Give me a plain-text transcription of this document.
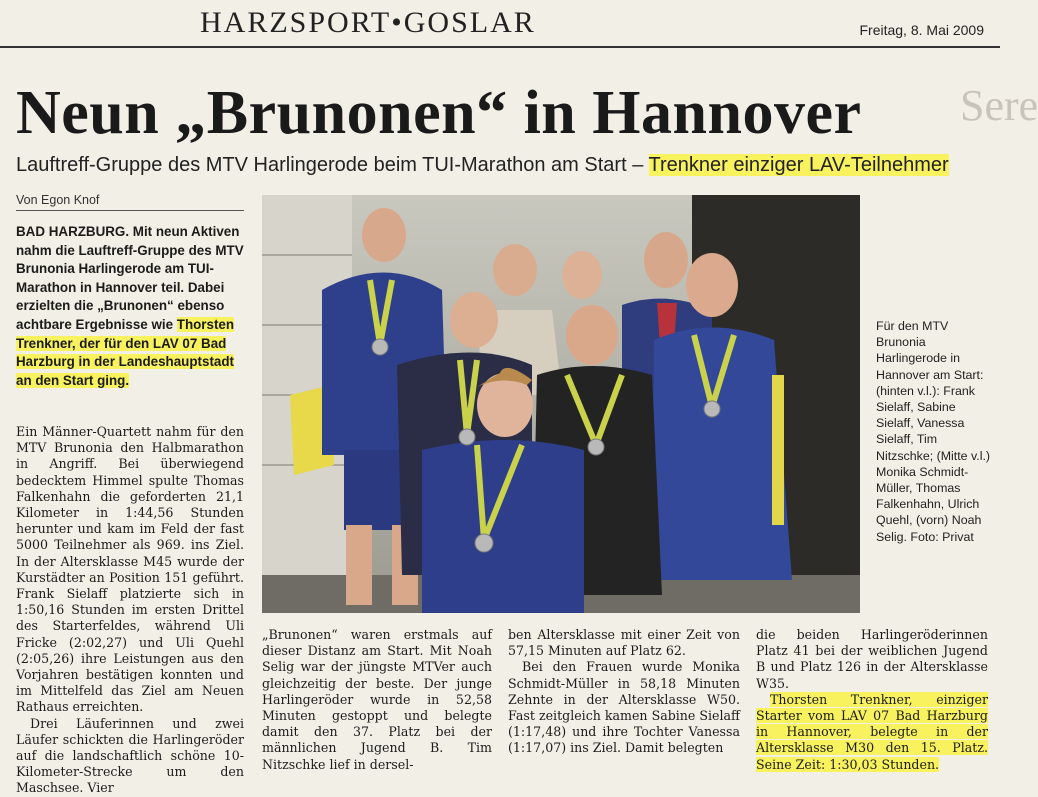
HARZSPORT•GOSLAR	Freitag, 8. Mai 2009
Sere
Neun „Brunonen“ in Hannover
Lauftreff-Gruppe des MTV Harlingerode beim TUI-Marathon am Start – Trenkner einziger LAV-Teilnehmer
Von Egon Knof
BAD HARZBURG. Mit neun Aktiven nahm die Lauftreff-Gruppe des MTV Brunonia Harlingerode am TUI-Marathon in Hannover teil. Dabei erzielten die „Brunonen“ ebenso achtbare Ergebnisse wie Thorsten Trenkner, der für den LAV 07 Bad Harzburg in der Landeshauptstadt an den Start ging.
Ein Männer-Quartett nahm für den MTV Brunonia den Halbmarathon in Angriff. Bei überwiegend bedecktem Himmel spulte Thomas Falkenhahn die geforderten 21,1 Kilometer in 1:44,56 Stunden herunter und kam im Feld der fast 5000 Teilnehmer als 969. ins Ziel. In der Altersklasse M45 wurde der Kurstädter an Position 151 geführt. Frank Sielaff platzierte sich in 1:50,16 Stunden im ersten Drittel des Starterfeldes, während Uli Fricke (2:02,27) und Uli Quehl (2:05,26) ihre Leistungen aus den Vorjahren bestätigen konnten und im Mittelfeld das Ziel am Neuen Rathaus erreichten.
Drei Läuferinnen und zwei Läufer schickten die Harlingeröder auf die landschaftlich schöne 10-Kilometer-Strecke um den Maschsee. Vier
Für den MTV Brunonia Harlingerode in Hannover am Start: (hinten v.l.): Frank Sielaff, Sabine Sielaff, Vanessa Sielaff, Tim Nitzschke; (Mitte v.l.) Monika Schmidt-Müller, Thomas Falkenhahn, Ulrich Quehl, (vorn) Noah Selig. Foto: Privat
„Brunonen“ waren erstmals auf dieser Distanz am Start. Mit Noah Selig war der jüngste MTVer auch gleichzeitig der beste. Der junge Harlingeröder wurde in 52,58 Minuten gestoppt und belegte damit den 37. Platz bei der männlichen Jugend B. Tim Nitzschke lief in dersel-
ben Altersklasse mit einer Zeit von 57,15 Minuten auf Platz 62.
Bei den Frauen wurde Monika Schmidt-Müller in 58,18 Minuten Zehnte in der Altersklasse W50. Fast zeitgleich kamen Sabine Sielaff (1:17,48) und ihre Tochter Vanessa (1:17,07) ins Ziel. Damit belegten
die beiden Harlingeröderinnen Platz 41 bei der weiblichen Jugend B und Platz 126 in der Altersklasse W35.
Thorsten Trenkner, einziger Starter vom LAV 07 Bad Harzburg in Hannover, belegte in der Altersklasse M30 den 15. Platz. Seine Zeit: 1:30,03 Stunden.
